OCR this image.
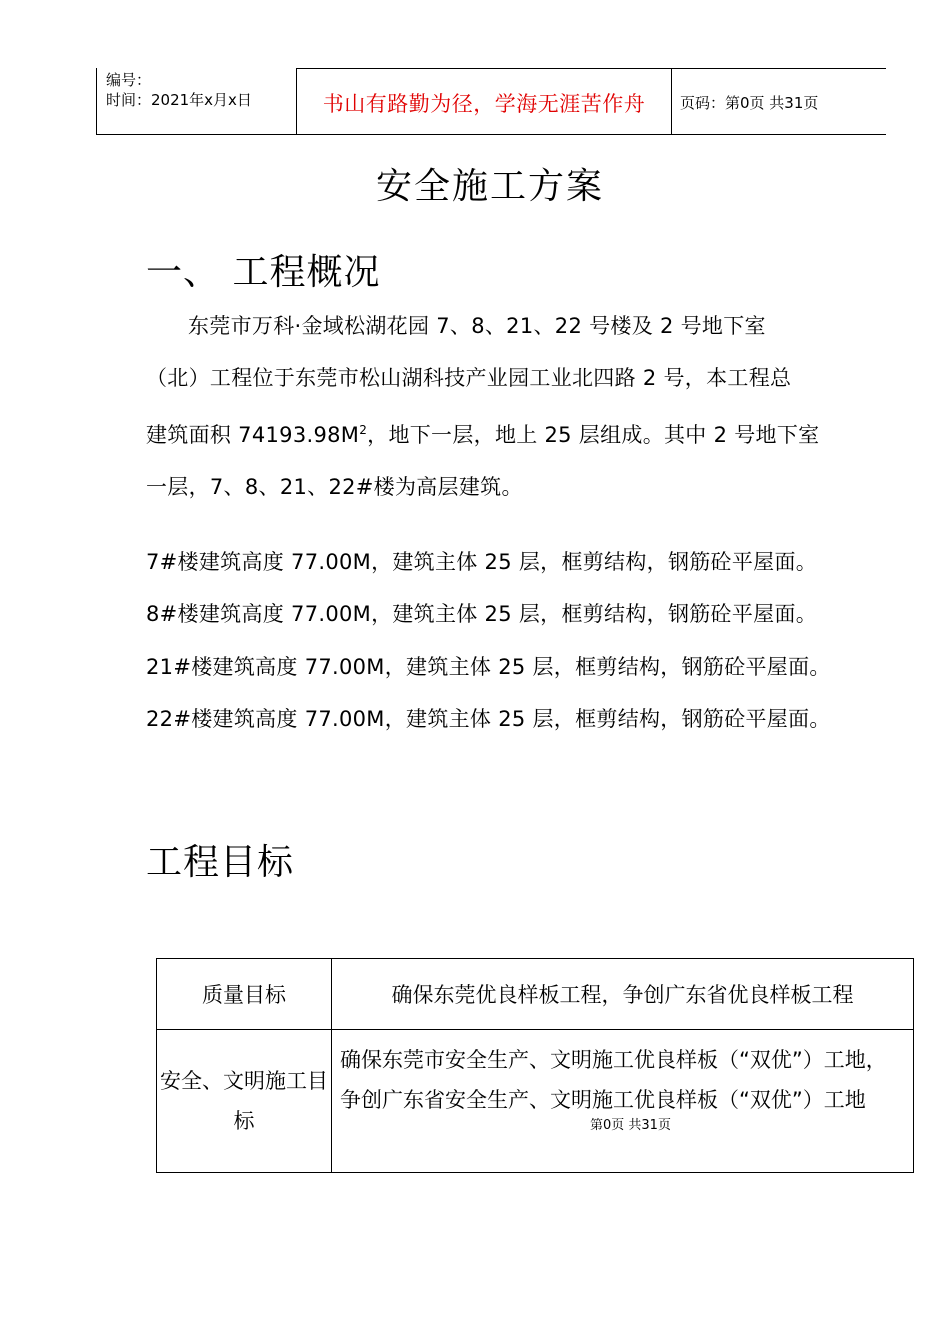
编号：
时间：2021年x月x日	书山有路勤为径，学海无涯苦作舟	页码：第0页 共31页
安全施工方案
一、 工程概况

东莞市万科·金域松湖花园 7、8、21、22 号楼及 2 号地下室

（北）工程位于东莞市松山湖科技产业园工业北四路 2 号，本工程总

建筑面积 $74193.98M^2$，地下一层，地上 25 层组成。其中 2 号地下室

一层，7、8、21、22#楼为高层建筑。

7#楼建筑高度 77.00M，建筑主体 25 层，框剪结构，钢筋砼平屋面。
8#楼建筑高度 77.00M，建筑主体 25 层，框剪结构，钢筋砼平屋面。
21#楼建筑高度 77.00M，建筑主体 25 层，框剪结构，钢筋砼平屋面。
22#楼建筑高度 77.00M，建筑主体 25 层，框剪结构，钢筋砼平屋面。
工程目标
质量目标	确保东莞优良样板工程，争创广东省优良样板工程
安全、文明施工目标	确保东莞市安全生产、文明施工优良样板（“双优”）工地，争创广东省安全生产、文明施工优良样板（“双优”）工地
第0页 共31页
